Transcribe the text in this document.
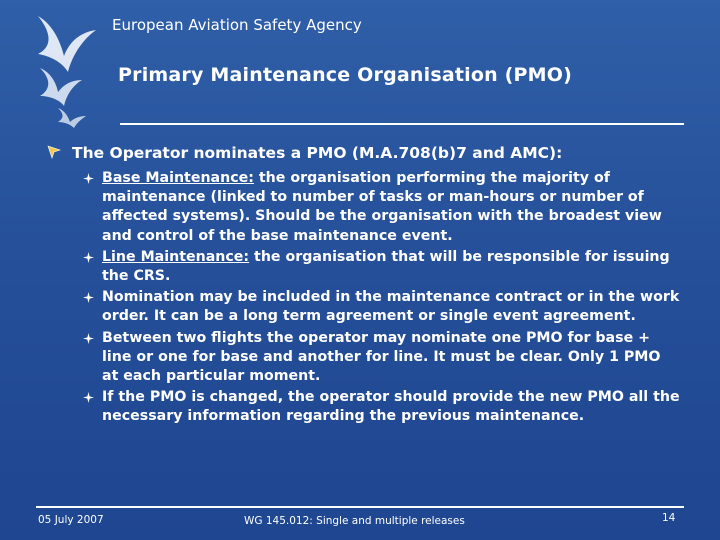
European Aviation Safety Agency
Primary Maintenance Organisation (PMO)
The Operator nominates a PMO (M.A.708(b)7 and AMC):
Base Maintenance: the organisation performing the majority of maintenance (linked to number of tasks or man-hours or number of affected systems). Should be the organisation with the broadest view and control of the base maintenance event.
Line Maintenance: the organisation that will be responsible for issuing the CRS.
Nomination may be included in the maintenance contract or in the work order. It can be a long term agreement or single event agreement.
Between two flights the operator may nominate one PMO for base + line or one for base and another for line. It must be clear. Only 1 PMO at each particular moment.
If the PMO is changed, the operator should provide the new PMO all the necessary information regarding the previous maintenance.
05 July 2007	WG 145.012: Single and multiple releases	14
